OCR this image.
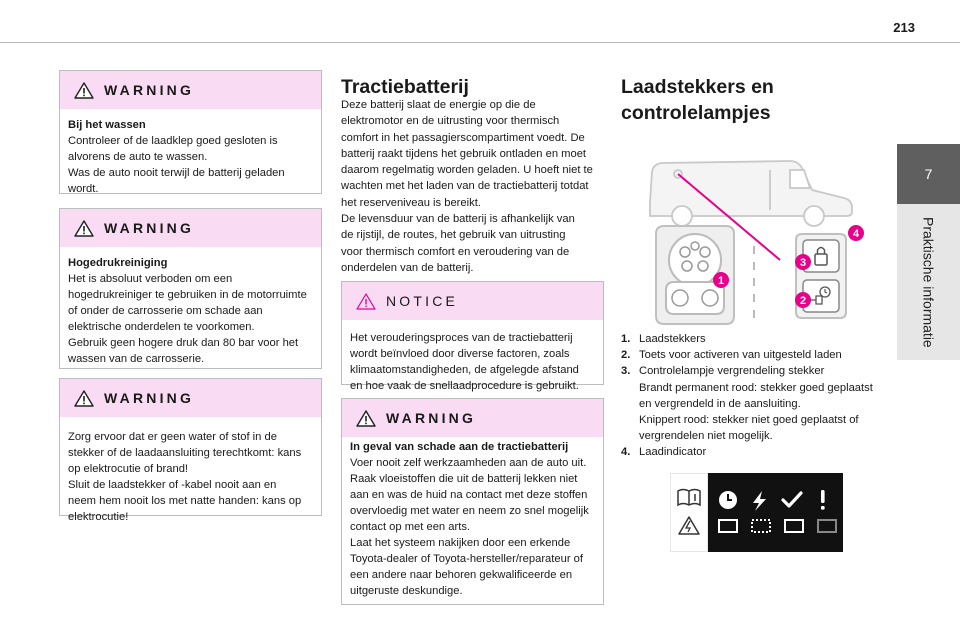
213
7
Praktische informatie
WARNING
Bij het wassen

Controleer of de laadklep goed gesloten is
alvorens de auto te wassen.
Was de auto nooit terwijl de batterij geladen
wordt.

WARNING
Hogedrukreiniging

Het is absoluut verboden om een
hogedrukreiniger te gebruiken in de motorruimte
of onder de carrosserie om schade aan
elektrische onderdelen te voorkomen.
Gebruik geen hogere druk dan 80 bar voor het
wassen van de carrosserie.

WARNING

Zorg ervoor dat er geen water of stof in de
stekker of de laadaansluiting terechtkomt: kans
op elektrocutie of brand!
Sluit de laadstekker of -kabel nooit aan en
neem hem nooit los met natte handen: kans op
elektrocutie!

Tractiebatterij
Deze batterij slaat de energie op die de
elektromotor en de uitrusting voor thermisch
comfort in het passagierscompartiment voedt. De
batterij raakt tijdens het gebruik ontladen en moet
daarom regelmatig worden geladen. U hoeft niet te
wachten met het laden van de tractiebatterij totdat
het reserveniveau is bereikt.
De levensduur van de batterij is afhankelijk van
de rijstijl, de routes, het gebruik van uitrusting
voor thermisch comfort en veroudering van de
onderdelen van de batterij.
NOTICE

Het verouderingsproces van de tractiebatterij
wordt beïnvloed door diverse factoren, zoals
klimaatomstandigheden, de afgelegde afstand
en hoe vaak de snellaadprocedure is gebruikt.

WARNING
In geval van schade aan de tractiebatterij

Voer nooit zelf werkzaamheden aan de auto uit.
Raak vloeistoffen die uit de batterij lekken niet
aan en was de huid na contact met deze stoffen
overvloedig met water en neem zo snel mogelijk
contact op met een arts.
Laat het systeem nakijken door een erkende
Toyota-dealer of Toyota-hersteller/reparateur of
een andere naar behoren gekwalificeerde en
uitgeruste deskundige.

Laadstekkers en
controlelampjes
1
2
3
4
1. Laadstekkers
2. Toets voor activeren van uitgesteld laden
3. Controlelampje vergrendeling stekker
Brandt permanent rood: stekker goed geplaatst
en vergrendeld in de aansluiting.
Knippert rood: stekker niet goed geplaatst of
vergrendelen niet mogelijk.
4. Laadindicator
